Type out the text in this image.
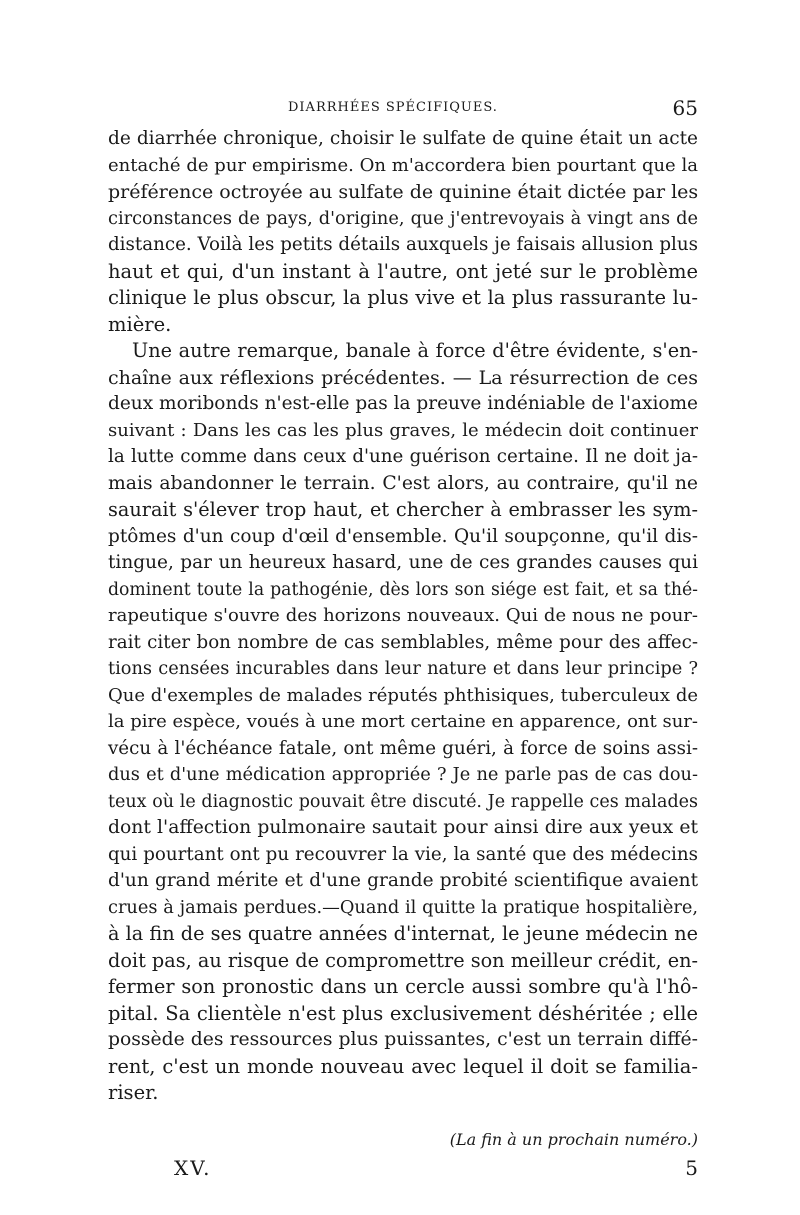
DIARRHÉES SPÉCIFIQUES.	65
de diarrhée chronique, choisir le sulfate de quine était un acte
entaché de pur empirisme. On m'accordera bien pourtant que la
préférence octroyée au sulfate de quinine était dictée par les
circonstances de pays, d'origine, que j'entrevoyais à vingt ans de
distance. Voilà les petits détails auxquels je faisais allusion plus
haut et qui, d'un instant à l'autre, ont jeté sur le problème
clinique le plus obscur, la plus vive et la plus rassurante lu-
mière.
Une autre remarque, banale à force d'être évidente, s'en-
chaîne aux réflexions précédentes. — La résurrection de ces
deux moribonds n'est-elle pas la preuve indéniable de l'axiome
suivant : Dans les cas les plus graves, le médecin doit continuer
la lutte comme dans ceux d'une guérison certaine. Il ne doit ja-
mais abandonner le terrain. C'est alors, au contraire, qu'il ne
saurait s'élever trop haut, et chercher à embrasser les sym-
ptômes d'un coup d'œil d'ensemble. Qu'il soupçonne, qu'il dis-
tingue, par un heureux hasard, une de ces grandes causes qui
dominent toute la pathogénie, dès lors son siége est fait, et sa thé-
rapeutique s'ouvre des horizons nouveaux. Qui de nous ne pour-
rait citer bon nombre de cas semblables, même pour des affec-
tions censées incurables dans leur nature et dans leur principe ?
Que d'exemples de malades réputés phthisiques, tuberculeux de
la pire espèce, voués à une mort certaine en apparence, ont sur-
vécu à l'échéance fatale, ont même guéri, à force de soins assi-
dus et d'une médication appropriée ? Je ne parle pas de cas dou-
teux où le diagnostic pouvait être discuté. Je rappelle ces malades
dont l'affection pulmonaire sautait pour ainsi dire aux yeux et
qui pourtant ont pu recouvrer la vie, la santé que des médecins
d'un grand mérite et d'une grande probité scientifique avaient
crues à jamais perdues.—Quand il quitte la pratique hospitalière,
à la fin de ses quatre années d'internat, le jeune médecin ne
doit pas, au risque de compromettre son meilleur crédit, en-
fermer son pronostic dans un cercle aussi sombre qu'à l'hô-
pital. Sa clientèle n'est plus exclusivement déshéritée ; elle
possède des ressources plus puissantes, c'est un terrain diffé-
rent, c'est un monde nouveau avec lequel il doit se familia-
riser.
(La fin à un prochain numéro.)
XV.	5
